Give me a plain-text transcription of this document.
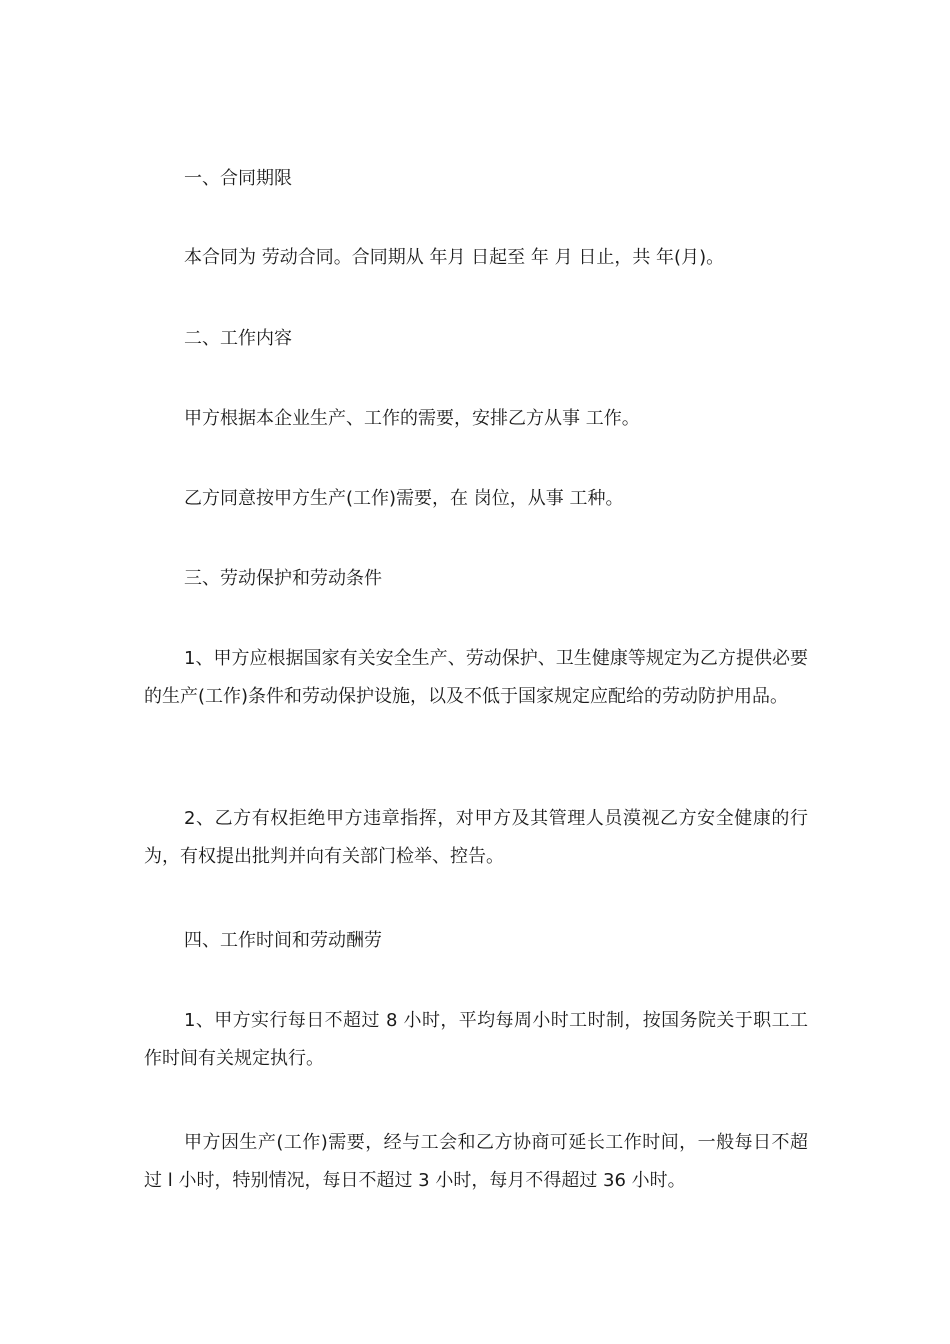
一、合同期限

本合同为 劳动合同。合同期从 年月 日起至 年 月 日止，共 年(月)。

二、工作内容

甲方根据本企业生产、工作的需要，安排乙方从事 工作。

乙方同意按甲方生产(工作)需要，在 岗位，从事 工种。

三、劳动保护和劳动条件

1、甲方应根据国家有关安全生产、劳动保护、卫生健康等规定为乙方提供必要的生产(工作)条件和劳动保护设施，以及不低于国家规定应配给的劳动防护用品。

2、乙方有权拒绝甲方违章指挥，对甲方及其管理人员漠视乙方安全健康的行为，有权提出批判并向有关部门检举、控告。

四、工作时间和劳动酬劳

1、甲方实行每日不超过 8 小时，平均每周小时工时制，按国务院关于职工工作时间有关规定执行。

甲方因生产(工作)需要，经与工会和乙方协商可延长工作时间，一般每日不超过 l 小时，特别情况，每日不超过 3 小时，每月不得超过 36 小时。
